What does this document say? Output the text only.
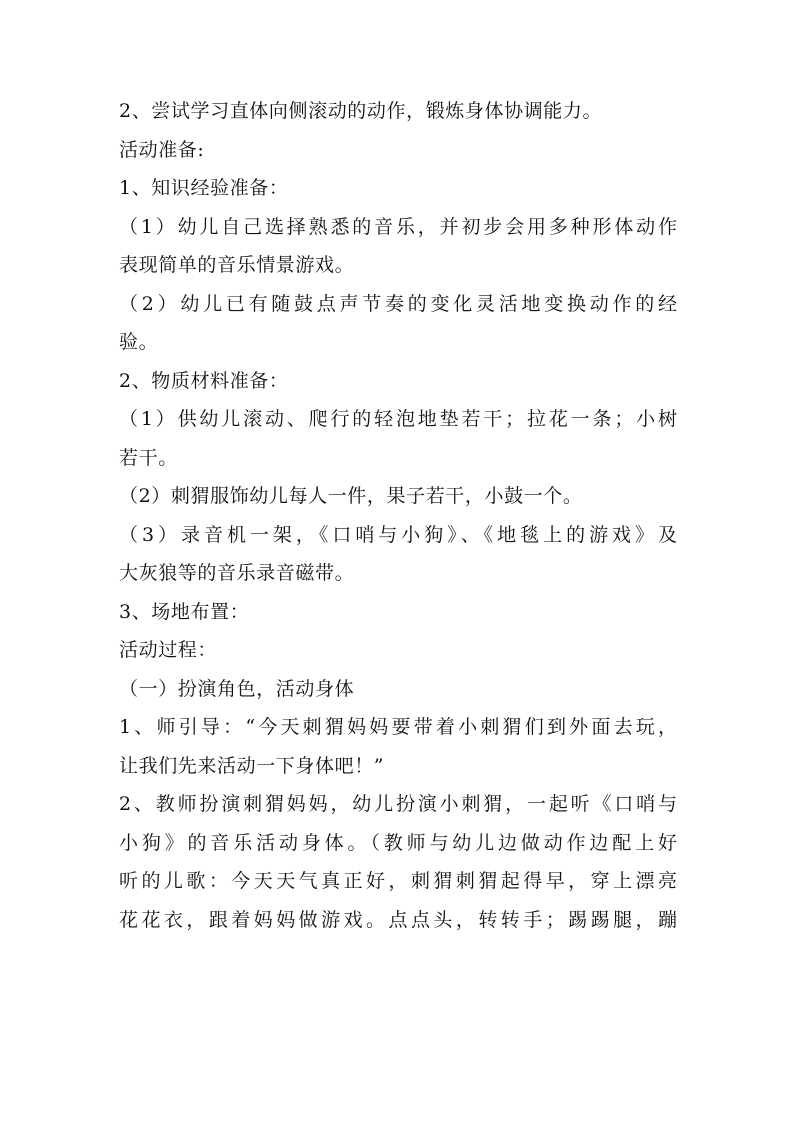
2、尝试学习直体向侧滚动的动作，锻炼身体协调能力。
活动准备:
1、知识经验准备：
（1）幼儿自己选择熟悉的音乐，并初步会用多种形体动作
表现简单的音乐情景游戏。
（2）幼儿已有随鼓点声节奏的变化灵活地变换动作的经
验。
2、物质材料准备：
（1）供幼儿滚动、爬行的轻泡地垫若干；拉花一条；小树
若干。
（2）刺猬服饰幼儿每人一件，果子若干，小鼓一个。
（3）录音机一架，《口哨与小狗》、《地毯上的游戏》及
大灰狼等的音乐录音磁带。
3、场地布置：
活动过程：
（一）扮演角色，活动身体
1、师引导：“今天刺猬妈妈要带着小刺猬们到外面去玩，
让我们先来活动一下身体吧！”
2、教师扮演刺猬妈妈，幼儿扮演小刺猬，一起听《口哨与
小狗》的音乐活动身体。（教师与幼儿边做动作边配上好
听的儿歌：今天天气真正好，刺猬刺猬起得早，穿上漂亮
花花衣，跟着妈妈做游戏。点点头，转转手；踢踢腿，蹦
